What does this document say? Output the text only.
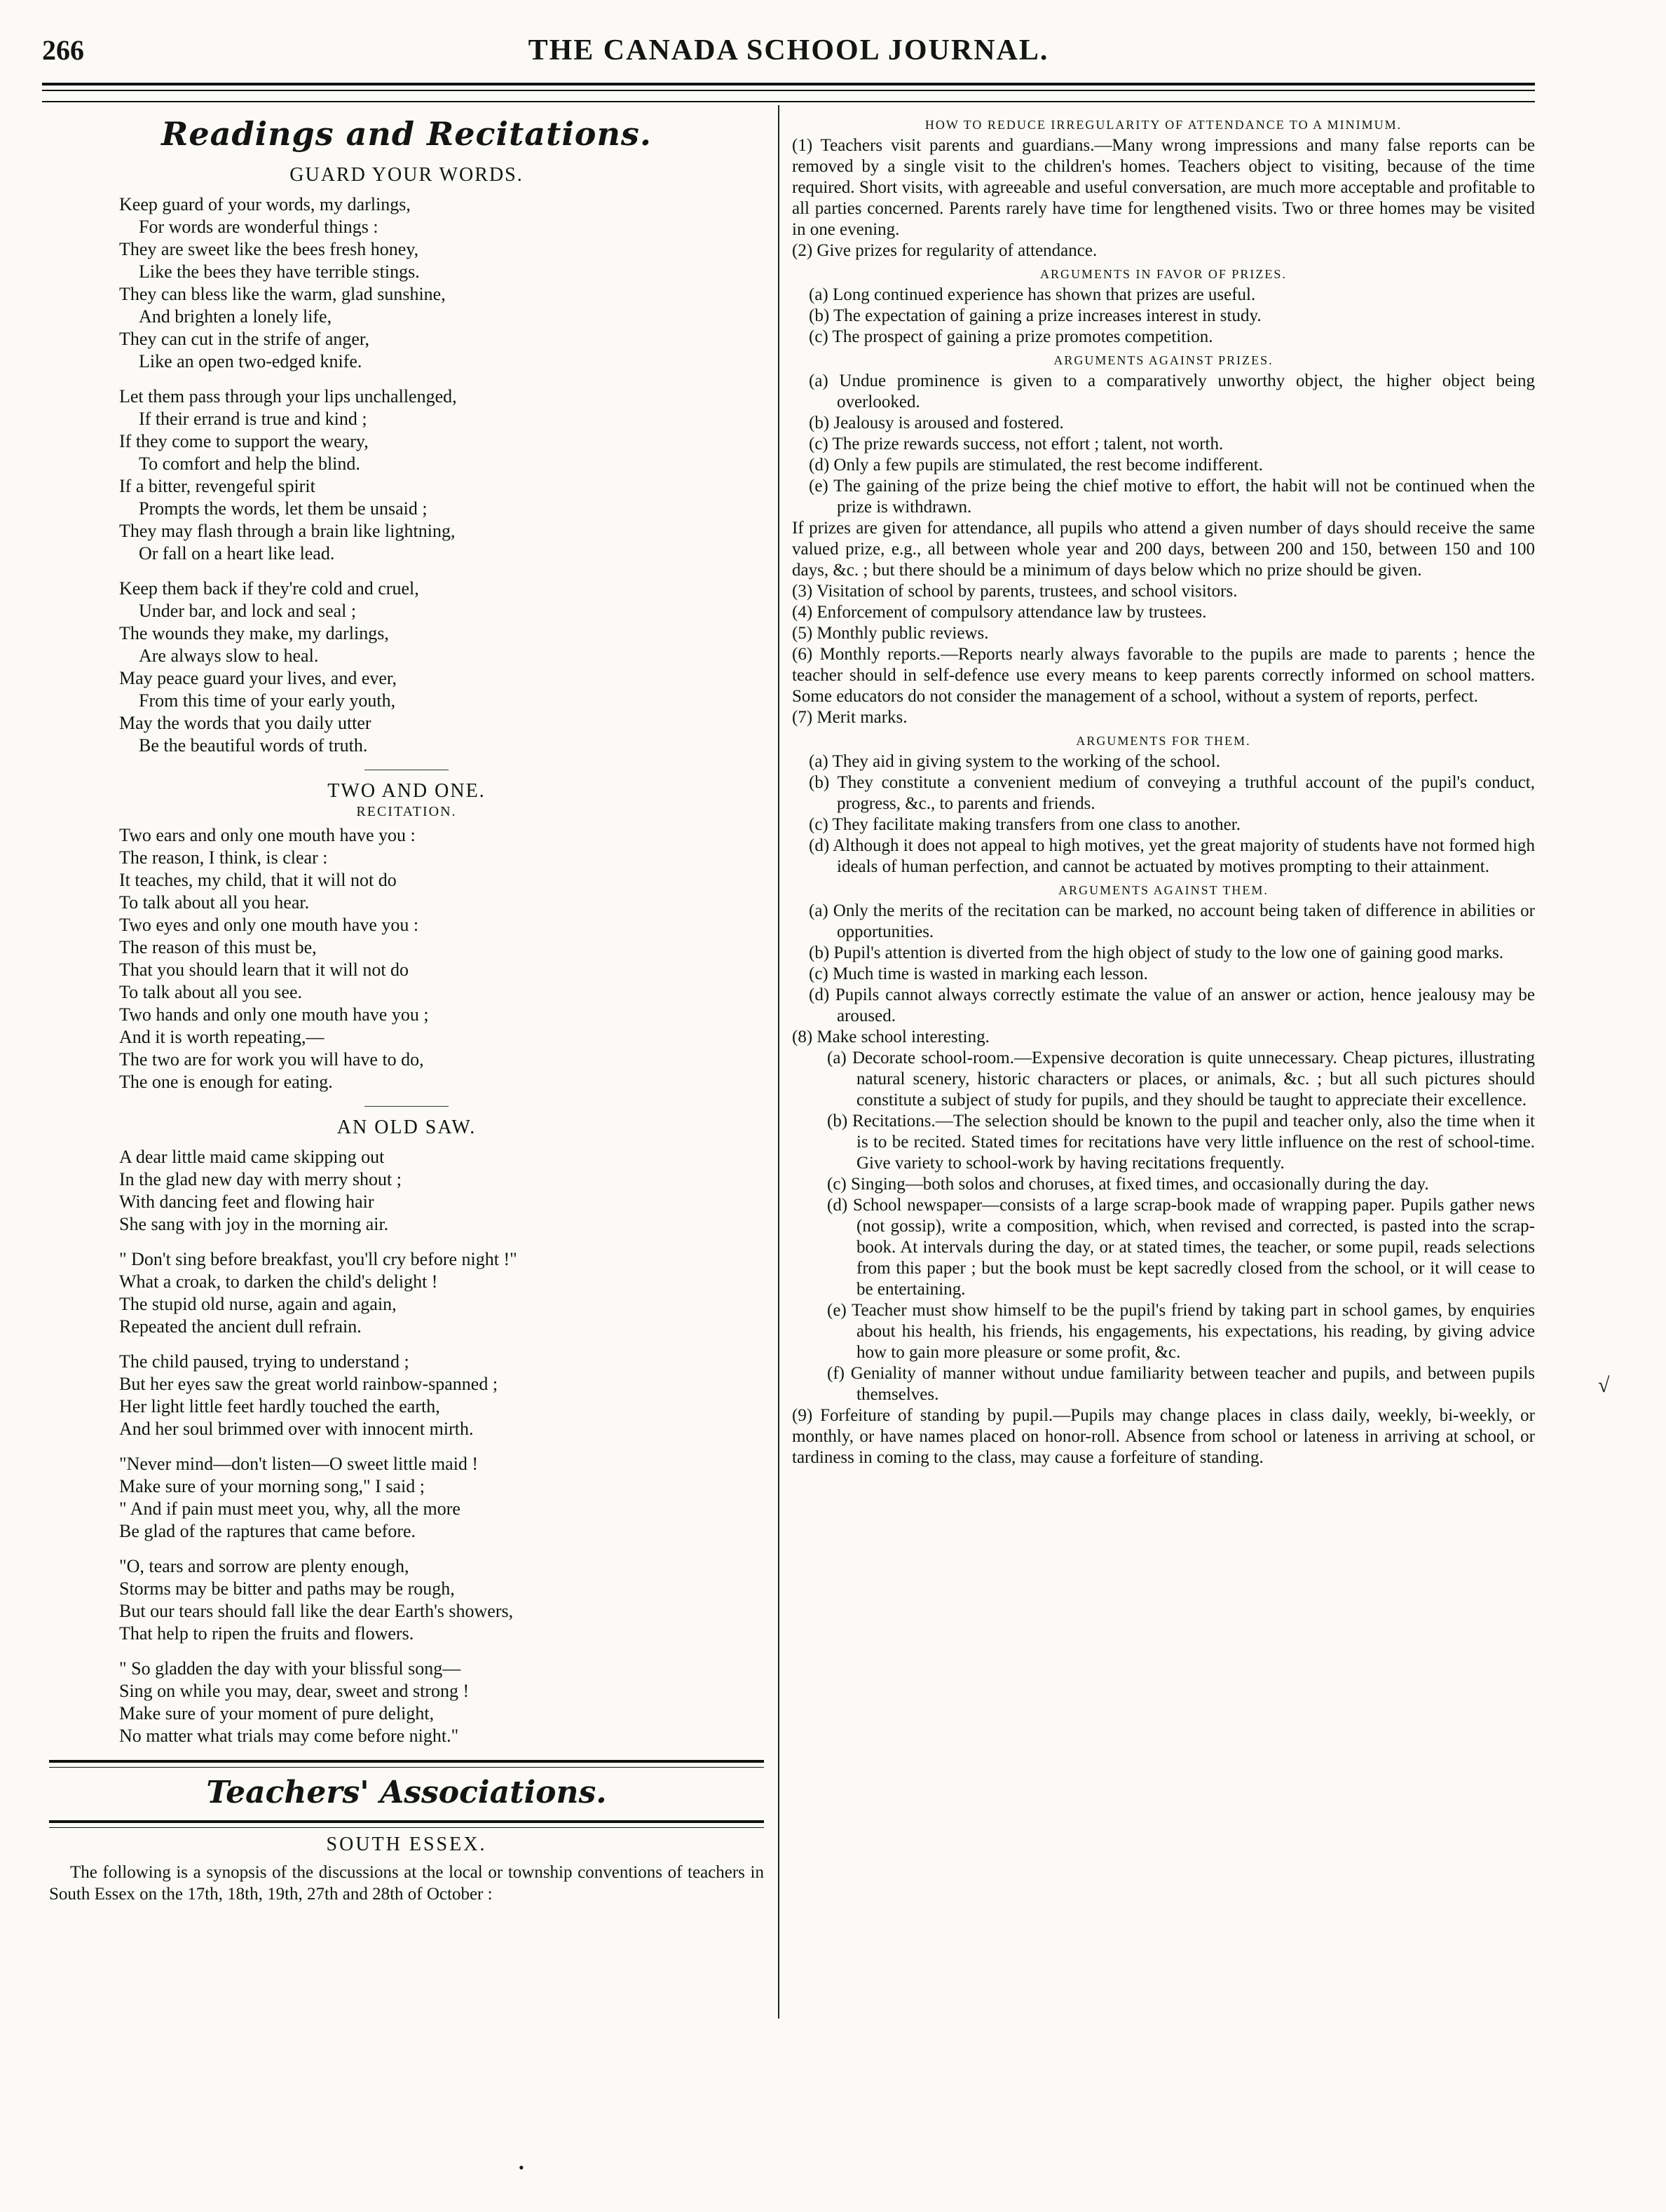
266	THE CANADA SCHOOL JOURNAL.
Readings and Recitations.
GUARD YOUR WORDS.
Keep guard of your words, my darlings,
For words are wonderful things :
They are sweet like the bees fresh honey,
Like the bees they have terrible stings.
They can bless like the warm, glad sunshine,
And brighten a lonely life,
They can cut in the strife of anger,
Like an open two-edged knife.
Let them pass through your lips unchallenged,
If their errand is true and kind ;
If they come to support the weary,
To comfort and help the blind.
If a bitter, revengeful spirit
Prompts the words, let them be unsaid ;
They may flash through a brain like lightning,
Or fall on a heart like lead.
Keep them back if they're cold and cruel,
Under bar, and lock and seal ;
The wounds they make, my darlings,
Are always slow to heal.
May peace guard your lives, and ever,
From this time of your early youth,
May the words that you daily utter
Be the beautiful words of truth.
TWO AND ONE.
RECITATION.
Two ears and only one mouth have you :
The reason, I think, is clear :
It teaches, my child, that it will not do
To talk about all you hear.
Two eyes and only one mouth have you :
The reason of this must be,
That you should learn that it will not do
To talk about all you see.
Two hands and only one mouth have you ;
And it is worth repeating,—
The two are for work you will have to do,
The one is enough for eating.
AN OLD SAW.
A dear little maid came skipping out
In the glad new day with merry shout ;
With dancing feet and flowing hair
She sang with joy in the morning air.
" Don't sing before breakfast, you'll cry before night !"
What a croak, to darken the child's delight !
The stupid old nurse, again and again,
Repeated the ancient dull refrain.
The child paused, trying to understand ;
But her eyes saw the great world rainbow-spanned ;
Her light little feet hardly touched the earth,
And her soul brimmed over with innocent mirth.
"Never mind—don't listen—O sweet little maid !
Make sure of your morning song," I said ;
" And if pain must meet you, why, all the more
Be glad of the raptures that came before.
"O, tears and sorrow are plenty enough,
Storms may be bitter and paths may be rough,
But our tears should fall like the dear Earth's showers,
That help to ripen the fruits and flowers.
" So gladden the day with your blissful song—
Sing on while you may, dear, sweet and strong !
Make sure of your moment of pure delight,
No matter what trials may come before night."
Teachers' Associations.
SOUTH ESSEX.

The following is a synopsis of the discussions at the local or township conventions of teachers in South Essex on the 17th, 18th, 19th, 27th and 28th of October :

HOW TO REDUCE IRREGULARITY OF ATTENDANCE TO A MINIMUM.

(1) Teachers visit parents and guardians.—Many wrong impressions and many false reports can be removed by a single visit to the children's homes. Teachers object to visiting, because of the time required. Short visits, with agreeable and useful conversation, are much more acceptable and profitable to all parties concerned. Parents rarely have time for lengthened visits. Two or three homes may be visited in one evening.

(2) Give prizes for regularity of attendance.

ARGUMENTS IN FAVOR OF PRIZES.

(a) Long continued experience has shown that prizes are useful.

(b) The expectation of gaining a prize increases interest in study.

(c) The prospect of gaining a prize promotes competition.

ARGUMENTS AGAINST PRIZES.

(a) Undue prominence is given to a comparatively unworthy object, the higher object being overlooked.

(b) Jealousy is aroused and fostered.

(c) The prize rewards success, not effort ; talent, not worth.

(d) Only a few pupils are stimulated, the rest become indifferent.

(e) The gaining of the prize being the chief motive to effort, the habit will not be continued when the prize is withdrawn.

If prizes are given for attendance, all pupils who attend a given number of days should receive the same valued prize, e.g., all between whole year and 200 days, between 200 and 150, between 150 and 100 days, &c. ; but there should be a minimum of days below which no prize should be given.

(3) Visitation of school by parents, trustees, and school visitors.

(4) Enforcement of compulsory attendance law by trustees.

(5) Monthly public reviews.

(6) Monthly reports.—Reports nearly always favorable to the pupils are made to parents ; hence the teacher should in self-defence use every means to keep parents correctly informed on school matters. Some educators do not consider the management of a school, without a system of reports, perfect.

(7) Merit marks.

ARGUMENTS FOR THEM.

(a) They aid in giving system to the working of the school.

(b) They constitute a convenient medium of conveying a truthful account of the pupil's conduct, progress, &c., to parents and friends.

(c) They facilitate making transfers from one class to another.

(d) Although it does not appeal to high motives, yet the great majority of students have not formed high ideals of human perfection, and cannot be actuated by motives prompting to their attainment.

ARGUMENTS AGAINST THEM.

(a) Only the merits of the recitation can be marked, no account being taken of difference in abilities or opportunities.

(b) Pupil's attention is diverted from the high object of study to the low one of gaining good marks.

(c) Much time is wasted in marking each lesson.

(d) Pupils cannot always correctly estimate the value of an answer or action, hence jealousy may be aroused.

(8) Make school interesting.

(a) Decorate school-room.—Expensive decoration is quite unnecessary. Cheap pictures, illustrating natural scenery, historic characters or places, or animals, &c. ; but all such pictures should constitute a subject of study for pupils, and they should be taught to appreciate their excellence.

(b) Recitations.—The selection should be known to the pupil and teacher only, also the time when it is to be recited. Stated times for recitations have very little influence on the rest of school-time. Give variety to school-work by having recitations frequently.

(c) Singing—both solos and choruses, at fixed times, and occasionally during the day.

(d) School newspaper—consists of a large scrap-book made of wrapping paper. Pupils gather news (not gossip), write a composition, which, when revised and corrected, is pasted into the scrap-book. At intervals during the day, or at stated times, the teacher, or some pupil, reads selections from this paper ; but the book must be kept sacredly closed from the school, or it will cease to be entertaining.

(e) Teacher must show himself to be the pupil's friend by taking part in school games, by enquiries about his health, his friends, his engagements, his expectations, his reading, by giving advice how to gain more pleasure or some profit, &c.

(f) Geniality of manner without undue familiarity between teacher and pupils, and between pupils themselves.

(9) Forfeiture of standing by pupil.—Pupils may change places in class daily, weekly, bi-weekly, or monthly, or have names placed on honor-roll. Absence from school or lateness in arriving at school, or tardiness in coming to the class, may cause a forfeiture of standing.

√
•
